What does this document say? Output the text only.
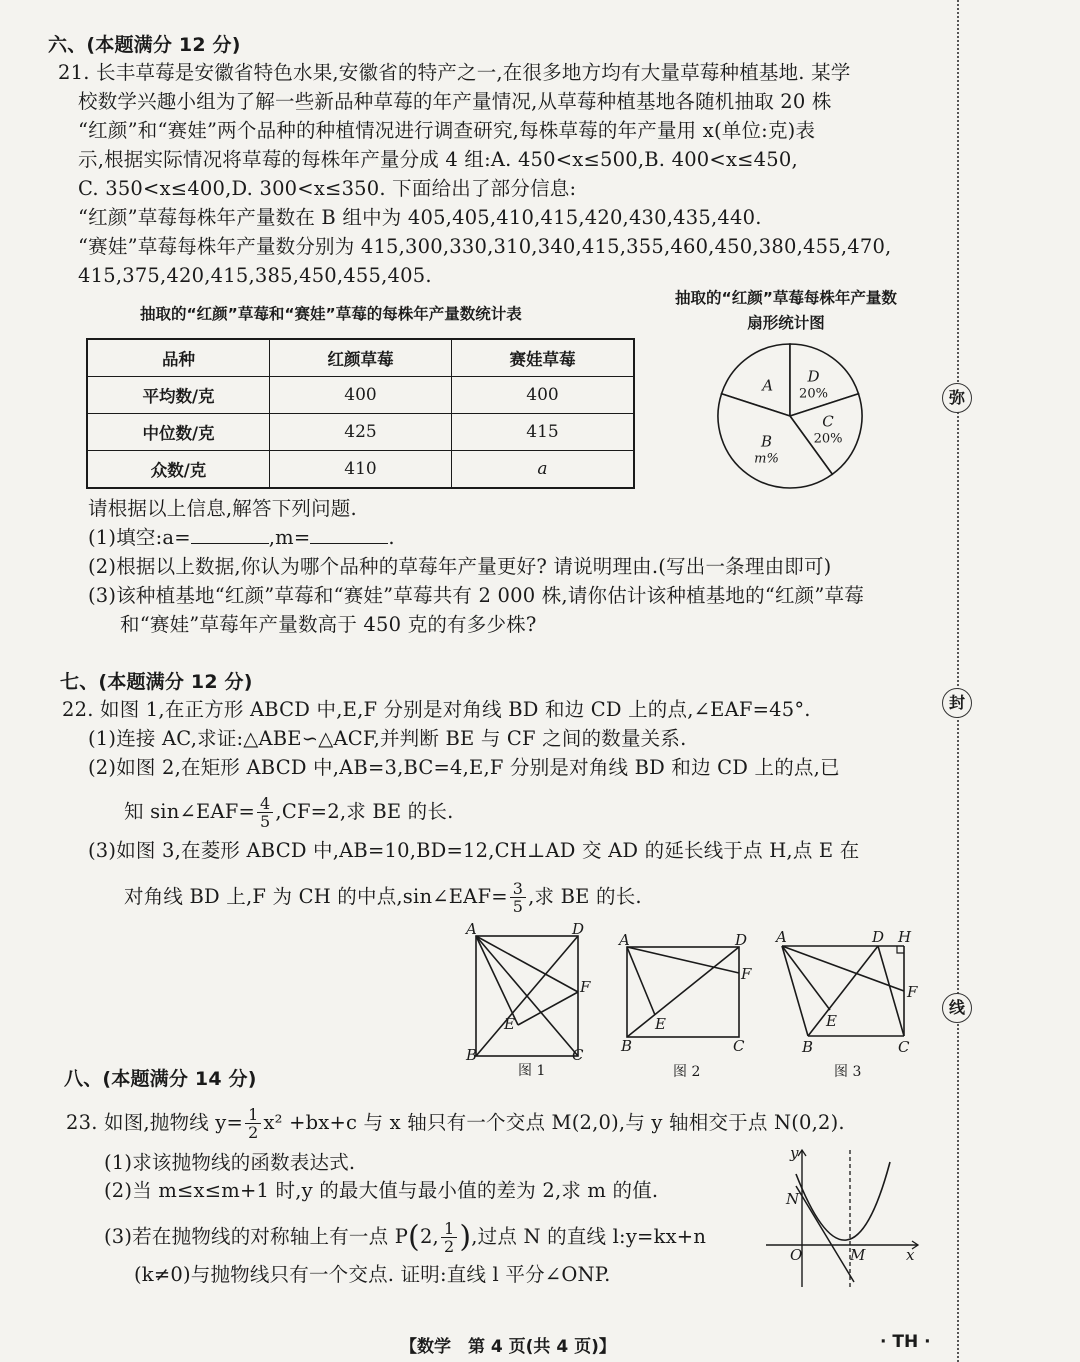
六、(本题满分 12 分)
21. 长丰草莓是安徽省特色水果,安徽省的特产之一,在很多地方均有大量草莓种植基地. 某学
校数学兴趣小组为了解一些新品种草莓的年产量情况,从草莓种植基地各随机抽取 20 株
“红颜”和“赛娃”两个品种的种植情况进行调查研究,每株草莓的年产量用 x(单位:克)表
示,根据实际情况将草莓的每株年产量分成 4 组:A. 450<x≤500,B. 400<x≤450,
C. 350<x≤400,D. 300<x≤350. 下面给出了部分信息:
“红颜”草莓每株年产量数在 B 组中为 405,405,410,415,420,430,435,440.
“赛娃”草莓每株年产量数分别为 415,300,330,310,340,415,355,460,450,380,455,470,
415,375,420,415,385,450,455,405.
抽取的“红颜”草莓和“赛娃”草莓的每株年产量数统计表
品种	红颜草莓	赛娃草莓
平均数/克	400	400
中位数/克	425	415
众数/克	410	a
抽取的“红颜”草莓每株年产量数
扇形统计图
A D
20%
C
20%
B
m%
请根据以上信息,解答下列问题.
(1)填空:a=	,m=	.
(2)根据以上数据,你认为哪个品种的草莓年产量更好? 请说明理由.(写出一条理由即可)
(3)该种植基地“红颜”草莓和“赛娃”草莓共有 2 000 株,请你估计该种植基地的“红颜”草莓
和“赛娃”草莓年产量数高于 450 克的有多少株?
七、(本题满分 12 分)
22. 如图 1,在正方形 ABCD 中,E,F 分别是对角线 BD 和边 CD 上的点,∠EAF=45°.
(1)连接 AC,求证:△ABE∽△ACF,并判断 BE 与 CF 之间的数量关系.
(2)如图 2,在矩形 ABCD 中,AB=3,BC=4,E,F 分别是对角线 BD 和边 CD 上的点,已
知 sin∠EAF= $\frac{4}{5} ,CF=2$,求 BE 的长.
(3)如图 3,在菱形 ABCD 中,AB=10,BD=12,CH⊥AD 交 AD 的延长线于点 H,点 E 在
对角线 BD 上,F 为 CH 的中点,sin∠EAF= $\frac{3}{5}$ ,求 BE 的长.
A	D
F
E
B	C
图 1
A	D
F
E
B	C
图 2
A	D H
F
E
B	C
图 3
八、(本题满分 14 分)
23. 如图,抛物线 $y= \frac{1}{2} x^2 +bx+c$ 与 x 轴只有一个交点 M(2,0),与 y 轴相交于点 N(0,2).
(1)求该抛物线的函数表达式.
(2)当 m≤x≤m+1 时,y 的最大值与最小值的差为 2,求 m 的值.
(3)若在抛物线的对称轴上有一点 P(2, $\frac{1}{2}$ ),过点 N 的直线 l:y=kx+n
(k≠0)与抛物线只有一个交点. 证明:直线 l 平分∠ONP.
y
x
N
O	M
弥
封
线
【数学　第 4 页(共 4 页)】	· TH ·
